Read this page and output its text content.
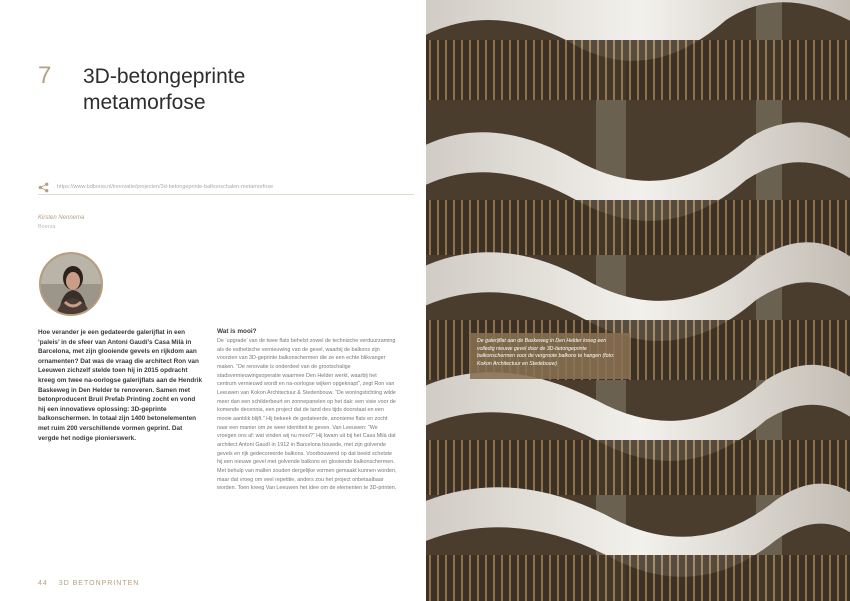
7 3D-betongeprinte
metamorfose
https://www.bdbouw.nl/innovatie/projecten/3d-betongeprinte-balkonschalen-metamorfose
Kirsten Nennema
Boerza

Hoe verander je een gedateerde galerijflat in een ‘paleis’ in de sfeer van Antoni Gaudí’s Casa Milà in Barcelona, met zijn glooiende gevels en rijkdom aan ornamenten? Dat was de vraag die architect Ron van Leeuwen zichzelf stelde toen hij in 2015 opdracht kreeg om twee na-oorlogse galerijflats aan de Hendrik Baskeweg in Den Helder te renoveren. Samen met betonproducent Bruil Prefab Printing zocht en vond hij een innovatieve oplossing: 3D-geprinte balkonschermen. In totaal zijn 1400 betonelementen met ruim 200 verschillende vormen geprint. Dat vergde het nodige pionierswerk.

Wat is mooi?

De ‘upgrade’ van de twee flats behelst zowel de technische verduurzaming als de esthetische vernieuwing van de gevel, waarbij de balkons zijn voorzien van 3D-geprinte balkonschermen die ze een echte blikvanger maken. “De renovatie is onderdeel van de grootschalige stadsvernieuwingsoperatie waarmee Den Helder werkt, waarbij het centrum vernieuwd wordt en na-oorlogse wijken opgeknapt”, zegt Ron van Leeuwen van Kokon Architectuur & Stedenbouw. “De woningstichting wilde meer dan een schilderbeurt en zonnepanelen op het dak: een visie voor de komende decennia, een project dat de tand des tijds doorstaat en een mooie aanblik blijft.” Hij bekeek de gedateerde, anonieme flats en zocht naar een manier om ze weer identiteit te geven. Van Leeuwen: “We vroegen ons af: wat vinden wij nu mooi?” Hij kwam uit bij het Casa Milà dat architect Antoni Gaudí in 1912 in Barcelona bouwde, met zijn golvende gevels en rijk gedecoreerde balkons. Voorbouwend op dat beeld schetste hij een nieuwe gevel met golvende balkons en glooiende balkonschermen. Met behulp van mallen zouden dergelijke vormen gemaakt kunnen worden, maar dat vroeg om veel repetitie, anders zou het project onbetaalbaar worden. Toen kreeg Van Leeuwen het idee om de elementen te 3D-printen.

44 3D BETONPRINTEN
De galerijflat aan de Baskeweg in Den Helder kreeg een volledig nieuwe gevel door de 3D-betongeprinte balkonschermen voor de vergroote balkons te hangen (foto: Kokon Architectuur en Stedebouw)
